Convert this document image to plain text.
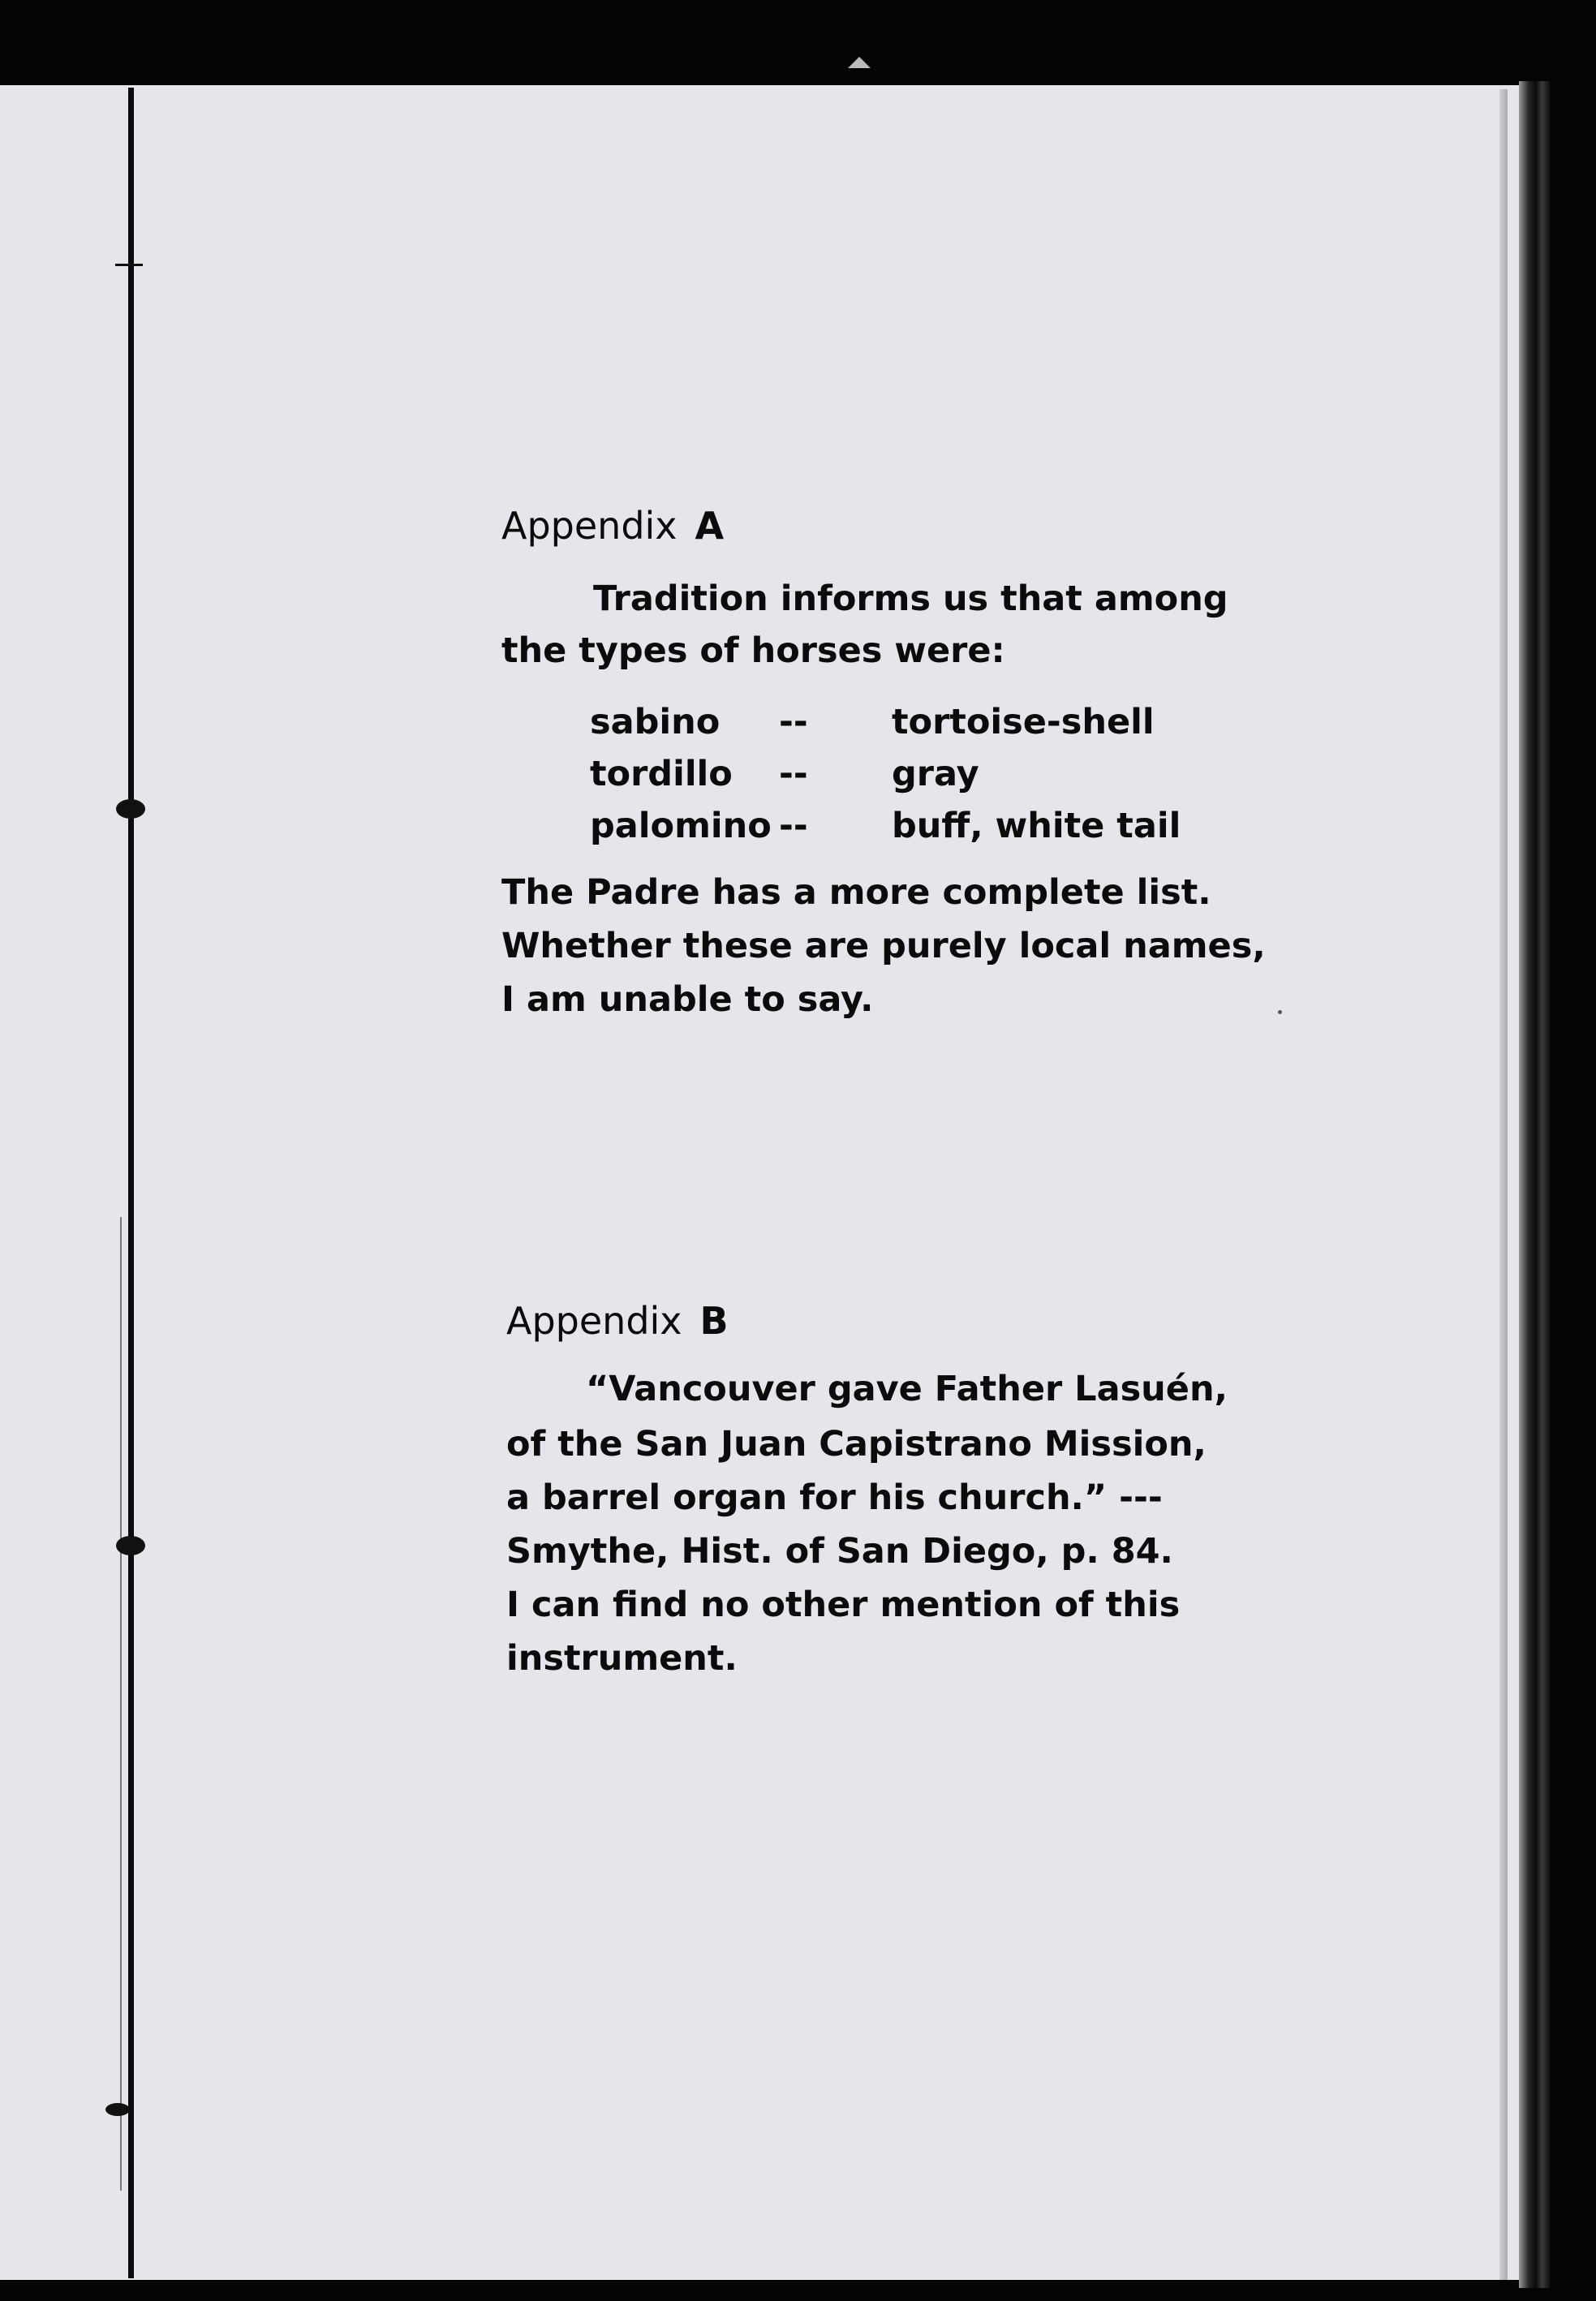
Appendix A
Tradition informs us that among
the types of horses were:
sabino -- tortoise-shell
tordillo -- gray
palomino -- buff, white tail
The Padre has a more complete list.
Whether these are purely local names,
I am unable to say.
Appendix B
“Vancouver gave Father Lasuén,
of the San Juan Capistrano Mission,
a barrel organ for his church.” ---
Smythe, Hist. of San Diego, p. 84.
I can find no other mention of this
instrument.
